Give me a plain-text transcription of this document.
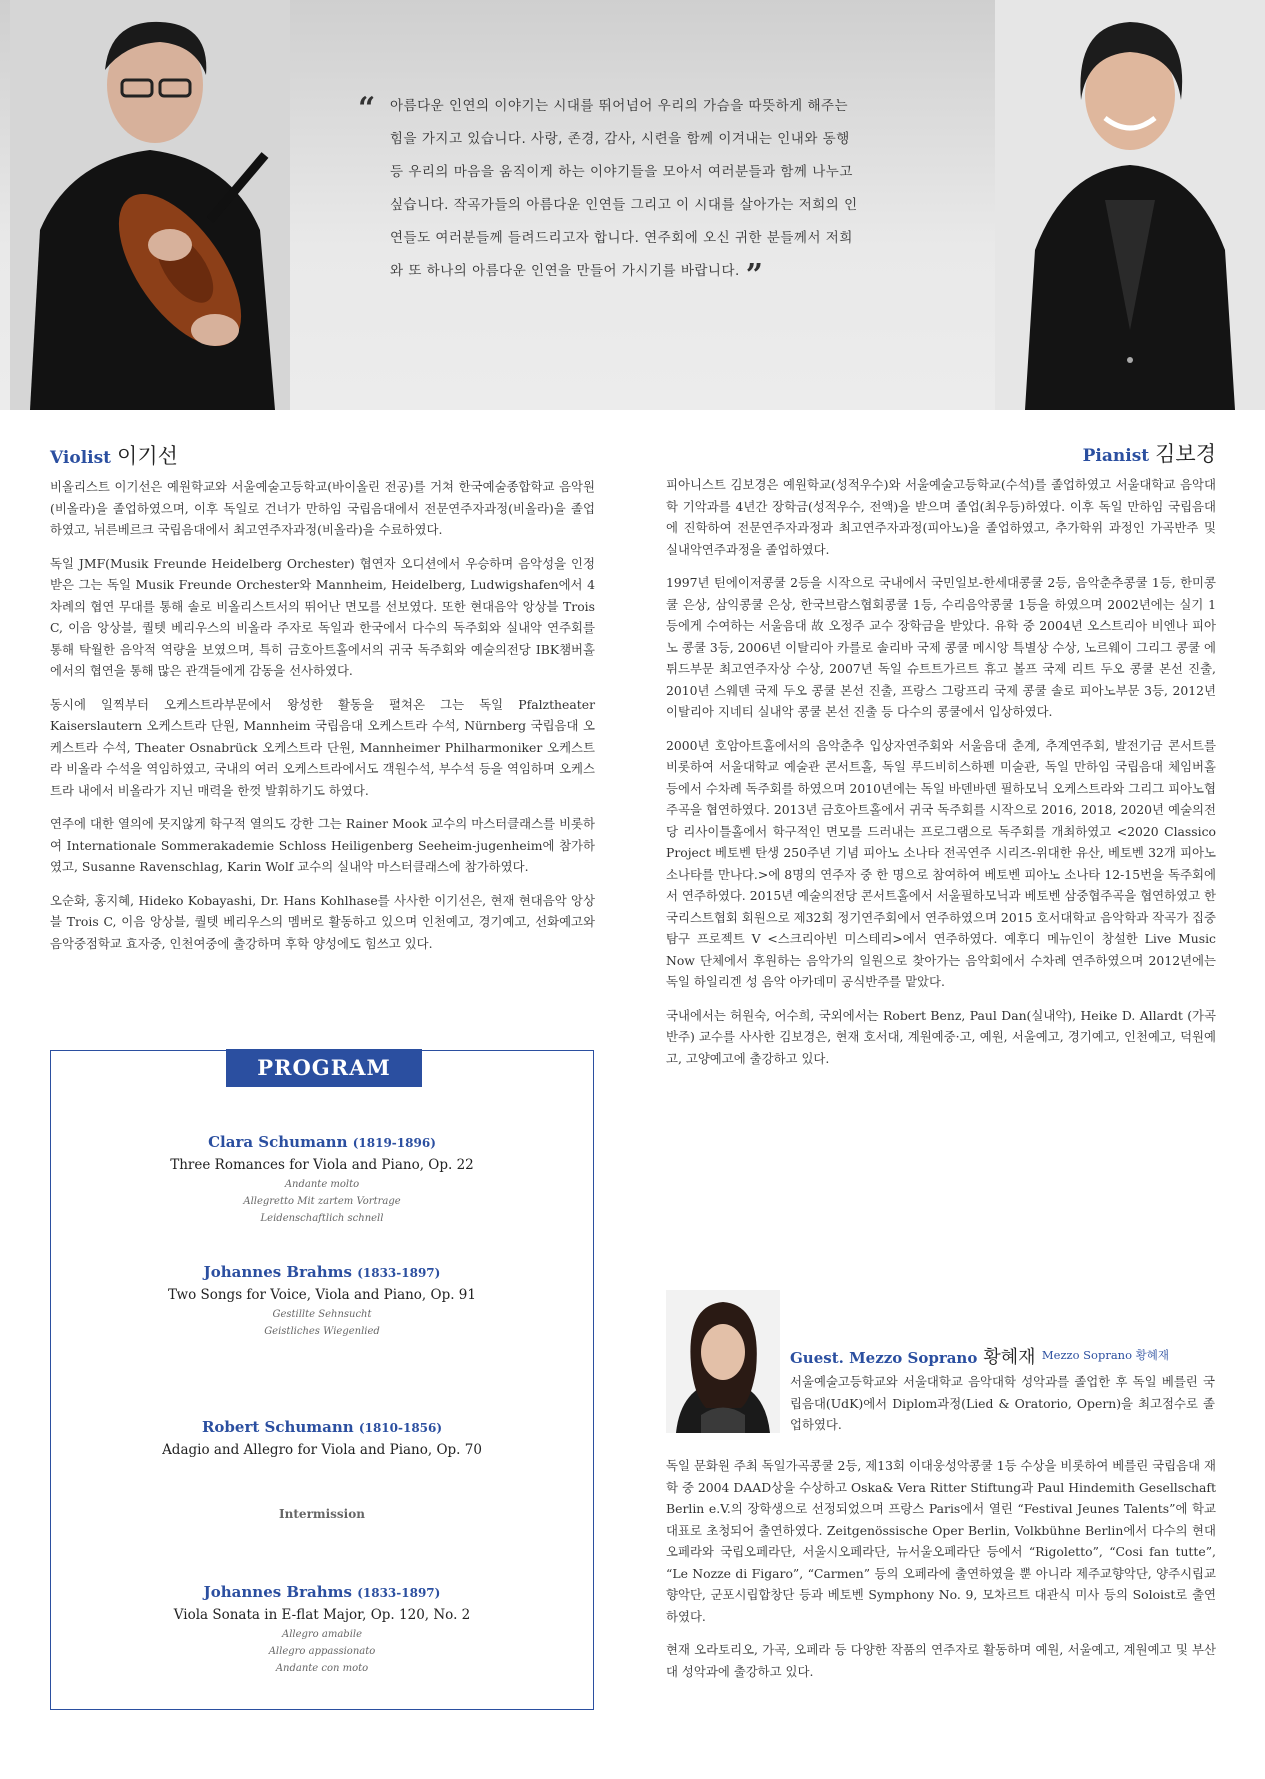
“ 아름다운 인연의 이야기는 시대를 뛰어넘어 우리의 가슴을 따뜻하게 해주는 힘을 가지고 있습니다. 사랑, 존경, 감사, 시련을 함께 이겨내는 인내와 동행 등 우리의 마음을 움직이게 하는 이야기들을 모아서 여러분들과 함께 나누고 싶습니다. 작곡가들의 아름다운 인연들 그리고 이 시대를 살아가는 저희의 인연들도 여러분들께 들려드리고자 합니다. 연주회에 오신 귀한 분들께서 저희와 또 하나의 아름다운 인연을 만들어 가시기를 바랍니다. ”
Violist 이기선

비올리스트 이기선은 예원학교와 서울예술고등학교(바이올린 전공)를 거쳐 한국예술종합학교 음악원(비올라)을 졸업하였으며, 이후 독일로 건너가 만하임 국립음대에서 전문연주자과정(비올라)을 졸업하였고, 뉘른베르크 국립음대에서 최고연주자과정(비올라)을 수료하였다.

독일 JMF(Musik Freunde Heidelberg Orchester) 협연자 오디션에서 우승하며 음악성을 인정받은 그는 독일 Musik Freunde Orchester와 Mannheim, Heidelberg, Ludwigshafen에서 4차례의 협연 무대를 통해 솔로 비올리스트서의 뛰어난 면모를 선보였다. 또한 현대음악 앙상블 Trois C, 이음 앙상블, 퀄텟 베리우스의 비올라 주자로 독일과 한국에서 다수의 독주회와 실내악 연주회를 통해 탁월한 음악적 역량을 보였으며, 특히 금호아트홀에서의 귀국 독주회와 예술의전당 IBK챔버홀에서의 협연을 통해 많은 관객들에게 감동을 선사하였다.

동시에 일찍부터 오케스트라부문에서 왕성한 활동을 펼쳐온 그는 독일 Pfalztheater Kaiserslautern 오케스트라 단원, Mannheim 국립음대 오케스트라 수석, Nürnberg 국립음대 오케스트라 수석, Theater Osnabrück 오케스트라 단원, Mannheimer Philharmoniker 오케스트라 비올라 수석을 역임하였고, 국내의 여러 오케스트라에서도 객원수석, 부수석 등을 역임하며 오케스트라 내에서 비올라가 지닌 매력을 한껏 발휘하기도 하였다.

연주에 대한 열의에 못지않게 학구적 열의도 강한 그는 Rainer Mook 교수의 마스터클래스를 비롯하여 Internationale Sommerakademie Schloss Heiligenberg Seeheim-jugenheim에 참가하였고, Susanne Ravenschlag, Karin Wolf 교수의 실내악 마스터클래스에 참가하였다.

오순화, 홍지혜, Hideko Kobayashi, Dr. Hans Kohlhase를 사사한 이기선은, 현재 현대음악 앙상블 Trois C, 이음 앙상블, 퀄텟 베리우스의 멤버로 활동하고 있으며 인천예고, 경기예고, 선화예고와 음악중점학교 효자중, 인천여중에 출강하며 후학 양성에도 힘쓰고 있다.

Pianist 김보경

피아니스트 김보경은 예원학교(성적우수)와 서울예술고등학교(수석)를 졸업하였고 서울대학교 음악대학 기악과를 4년간 장학금(성적우수, 전액)을 받으며 졸업(최우등)하였다. 이후 독일 만하임 국립음대에 진학하여 전문연주자과정과 최고연주자과정(피아노)을 졸업하였고, 추가학위 과정인 가곡반주 및 실내악연주과정을 졸업하였다.

1997년 틴에이저콩쿨 2등을 시작으로 국내에서 국민일보-한세대콩쿨 2등, 음악춘추콩쿨 1등, 한미콩쿨 은상, 삼익콩쿨 은상, 한국브람스협회콩쿨 1등, 수리음악콩쿨 1등을 하였으며 2002년에는 실기 1등에게 수여하는 서울음대 故 오정주 교수 장학금을 받았다. 유학 중 2004년 오스트리아 비엔나 피아노 콩쿨 3등, 2006년 이탈리아 카를로 솔리바 국제 콩쿨 메시앙 특별상 수상, 노르웨이 그리그 콩쿨 에튀드부문 최고연주자상 수상, 2007년 독일 슈트트가르트 휴고 볼프 국제 리트 두오 콩쿨 본선 진출, 2010년 스웨덴 국제 두오 콩쿨 본선 진출, 프랑스 그랑프리 국제 콩쿨 솔로 피아노부문 3등, 2012년 이탈리아 지네티 실내악 콩쿨 본선 진출 등 다수의 콩쿨에서 입상하였다.

2000년 호암아트홀에서의 음악춘추 입상자연주회와 서울음대 춘계, 추계연주회, 발전기금 콘서트를 비롯하여 서울대학교 예술관 콘서트홀, 독일 루드비히스하펜 미술관, 독일 만하임 국립음대 체임버홀 등에서 수차례 독주회를 하였으며 2010년에는 독일 바덴바덴 필하모닉 오케스트라와 그리그 피아노협주곡을 협연하였다. 2013년 금호아트홀에서 귀국 독주회를 시작으로 2016, 2018, 2020년 예술의전당 리사이틀홀에서 학구적인 면모를 드러내는 프로그램으로 독주회를 개최하였고 <2020 Classico Project 베토벤 탄생 250주년 기념 피아노 소나타 전곡연주 시리즈-위대한 유산, 베토벤 32개 피아노 소나타를 만나다.>에 8명의 연주자 중 한 명으로 참여하여 베토벤 피아노 소나타 12-15번을 독주회에서 연주하였다. 2015년 예술의전당 콘서트홀에서 서울필하모닉과 베토벤 삼중협주곡을 협연하였고 한국리스트협회 회원으로 제32회 정기연주회에서 연주하였으며 2015 호서대학교 음악학과 작곡가 집중탐구 프로젝트 V <스크리아빈 미스테리>에서 연주하였다. 예후디 메뉴인이 창설한 Live Music Now 단체에서 후원하는 음악가의 일원으로 찾아가는 음악회에서 수차례 연주하였으며 2012년에는 독일 하일리겐 성 음악 아카데미 공식반주를 맡았다.

국내에서는 허원숙, 어수희, 국외에서는 Robert Benz, Paul Dan(실내악), Heike D. Allardt (가곡반주) 교수를 사사한 김보경은, 현재 호서대, 계원예중·고, 예원, 서울예고, 경기예고, 인천예고, 덕원예고, 고양예고에 출강하고 있다.

PROGRAM
Clara Schumann (1819-1896)
Three Romances for Viola and Piano, Op. 22
Andante molto
Allegretto Mit zartem Vortrage
Leidenschaftlich schnell
Johannes Brahms (1833-1897)
Two Songs for Voice, Viola and Piano, Op. 91
Gestillte Sehnsucht
Geistliches Wiegenlied
Robert Schumann (1810-1856)
Adagio and Allegro for Viola and Piano, Op. 70
Johannes Brahms (1833-1897)
Viola Sonata in E-flat Major, Op. 120, No. 2
Allegro amabile
Allegro appassionato
Andante con moto
Mezzo Soprano 황혜재
Intermission
Guest. Mezzo Soprano 황혜재

서울예술고등학교와 서울대학교 음악대학 성악과를 졸업한 후 독일 베를린 국립음대(UdK)에서 Diplom과정(Lied & Oratorio, Opern)을 최고점수로 졸업하였다.

독일 문화원 주최 독일가곡콩쿨 2등, 제13회 이대웅성악콩쿨 1등 수상을 비롯하여 베를린 국립음대 재학 중 2004 DAAD상을 수상하고 Oska& Vera Ritter Stiftung과 Paul Hindemith Gesellschaft Berlin e.V.의 장학생으로 선정되었으며 프랑스 Paris에서 열린 “Festival Jeunes Talents”에 학교 대표로 초청되어 출연하였다. Zeitgenössische Oper Berlin, Volkbühne Berlin에서 다수의 현대오페라와 국립오페라단, 서울시오페라단, 뉴서울오페라단 등에서 “Rigoletto”, “Cosi fan tutte”, “Le Nozze di Figaro”, “Carmen” 등의 오페라에 출연하였을 뿐 아니라 제주교향악단, 양주시립교향악단, 군포시립합창단 등과 베토벤 Symphony No. 9, 모차르트 대관식 미사 등의 Soloist로 출연하였다.

현재 오라토리오, 가곡, 오페라 등 다양한 작품의 연주자로 활동하며 예원, 서울예고, 계원예고 및 부산대 성악과에 출강하고 있다.
